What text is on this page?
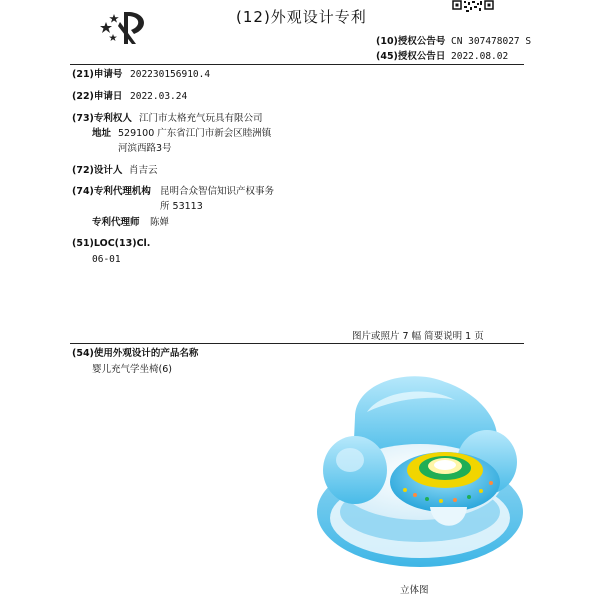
(12)外观设计专利
(10)授权公告号 CN 307478027 S
(45)授权公告日 2022.08.02
(21)申请号 202230156910.4
(22)申请日 2022.03.24
(73)专利权人 江门市太格充气玩具有限公司
地址 529100 广东省江门市新会区睦洲镇
河滨西路3号
(72)设计人 肖吉云
(74)专利代理机构 昆明合众智信知识产权事务
所 53113
专利代理师 陈婵
(51)LOC(13)Cl.
06-01
图片或照片 7 幅 简要说明 1 页
(54)使用外观设计的产品名称
婴儿充气学坐椅(6)
立体图
